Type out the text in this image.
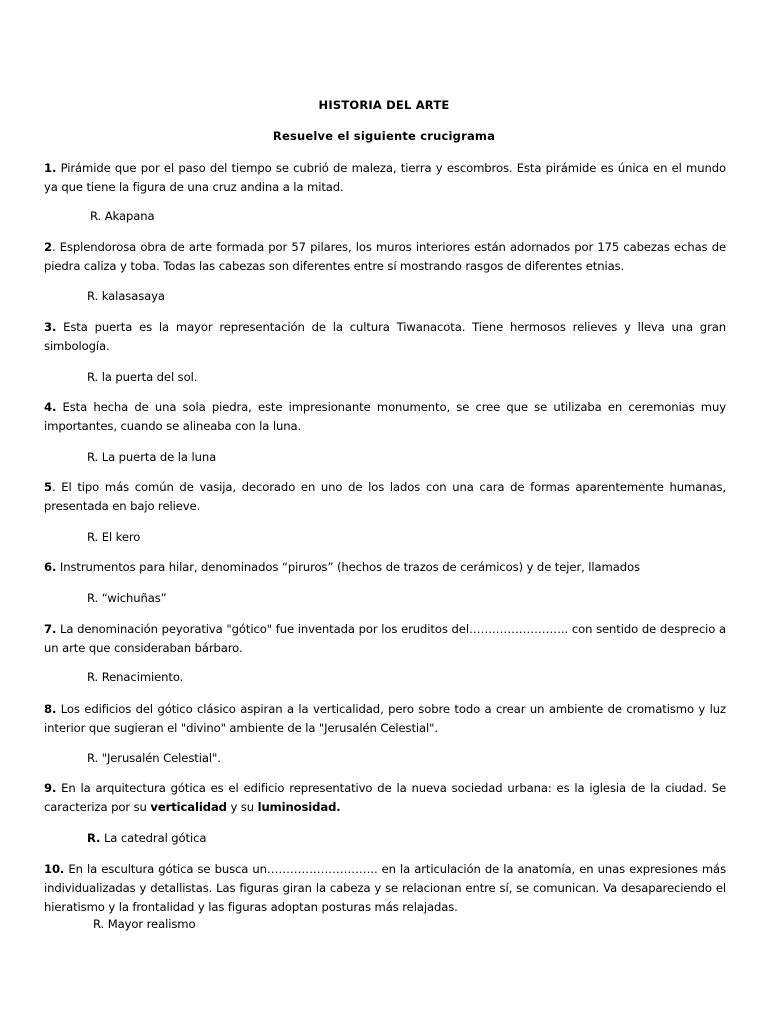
HISTORIA DEL ARTE
Resuelve el siguiente crucigrama
1. Pirámide que por el paso del tiempo se cubrió de maleza, tierra y escombros. Esta pirámide es única en el mundo ya que tiene la figura de una cruz andina a la mitad.
R. Akapana
2. Esplendorosa obra de arte formada por 57 pilares, los muros interiores están adornados por 175 cabezas echas de piedra caliza y toba. Todas las cabezas son diferentes entre sí mostrando rasgos de diferentes etnias.
R. kalasasaya
3. Esta puerta es la mayor representación de la cultura Tiwanacota. Tiene hermosos relieves y lleva una gran simbología.
R. la puerta del sol.
4. Esta hecha de una sola piedra, este impresionante monumento, se cree que se utilizaba en ceremonias muy importantes, cuando se alineaba con la luna.
R. La puerta de la luna
5. El tipo más común de vasija, decorado en uno de los lados con una cara de formas aparentemente humanas, presentada en bajo relieve.
R. El kero
6. Instrumentos para hilar, denominados “piruros” (hechos de trazos de cerámicos) y de tejer, llamados
R. “wichuñas”
7. La denominación peyorativa "gótico" fue inventada por los eruditos del…………………….. con sentido de desprecio a un arte que consideraban bárbaro.
R. Renacimiento.
8. Los edificios del gótico clásico aspiran a la verticalidad, pero sobre todo a crear un ambiente de cromatismo y luz interior que sugieran el "divino" ambiente de la "Jerusalén Celestial".
R. "Jerusalén Celestial".
9. En la arquitectura gótica es el edificio representativo de la nueva sociedad urbana: es la iglesia de la ciudad. Se caracteriza por su verticalidad y su luminosidad.
R. La catedral gótica
10. En la escultura gótica se busca un……………………….. en la articulación de la anatomía, en unas expresiones más individualizadas y detallistas. Las figuras giran la cabeza y se relacionan entre sí, se comunican. Va desapareciendo el hieratismo y la frontalidad y las figuras adoptan posturas más relajadas.
R. Mayor realismo
